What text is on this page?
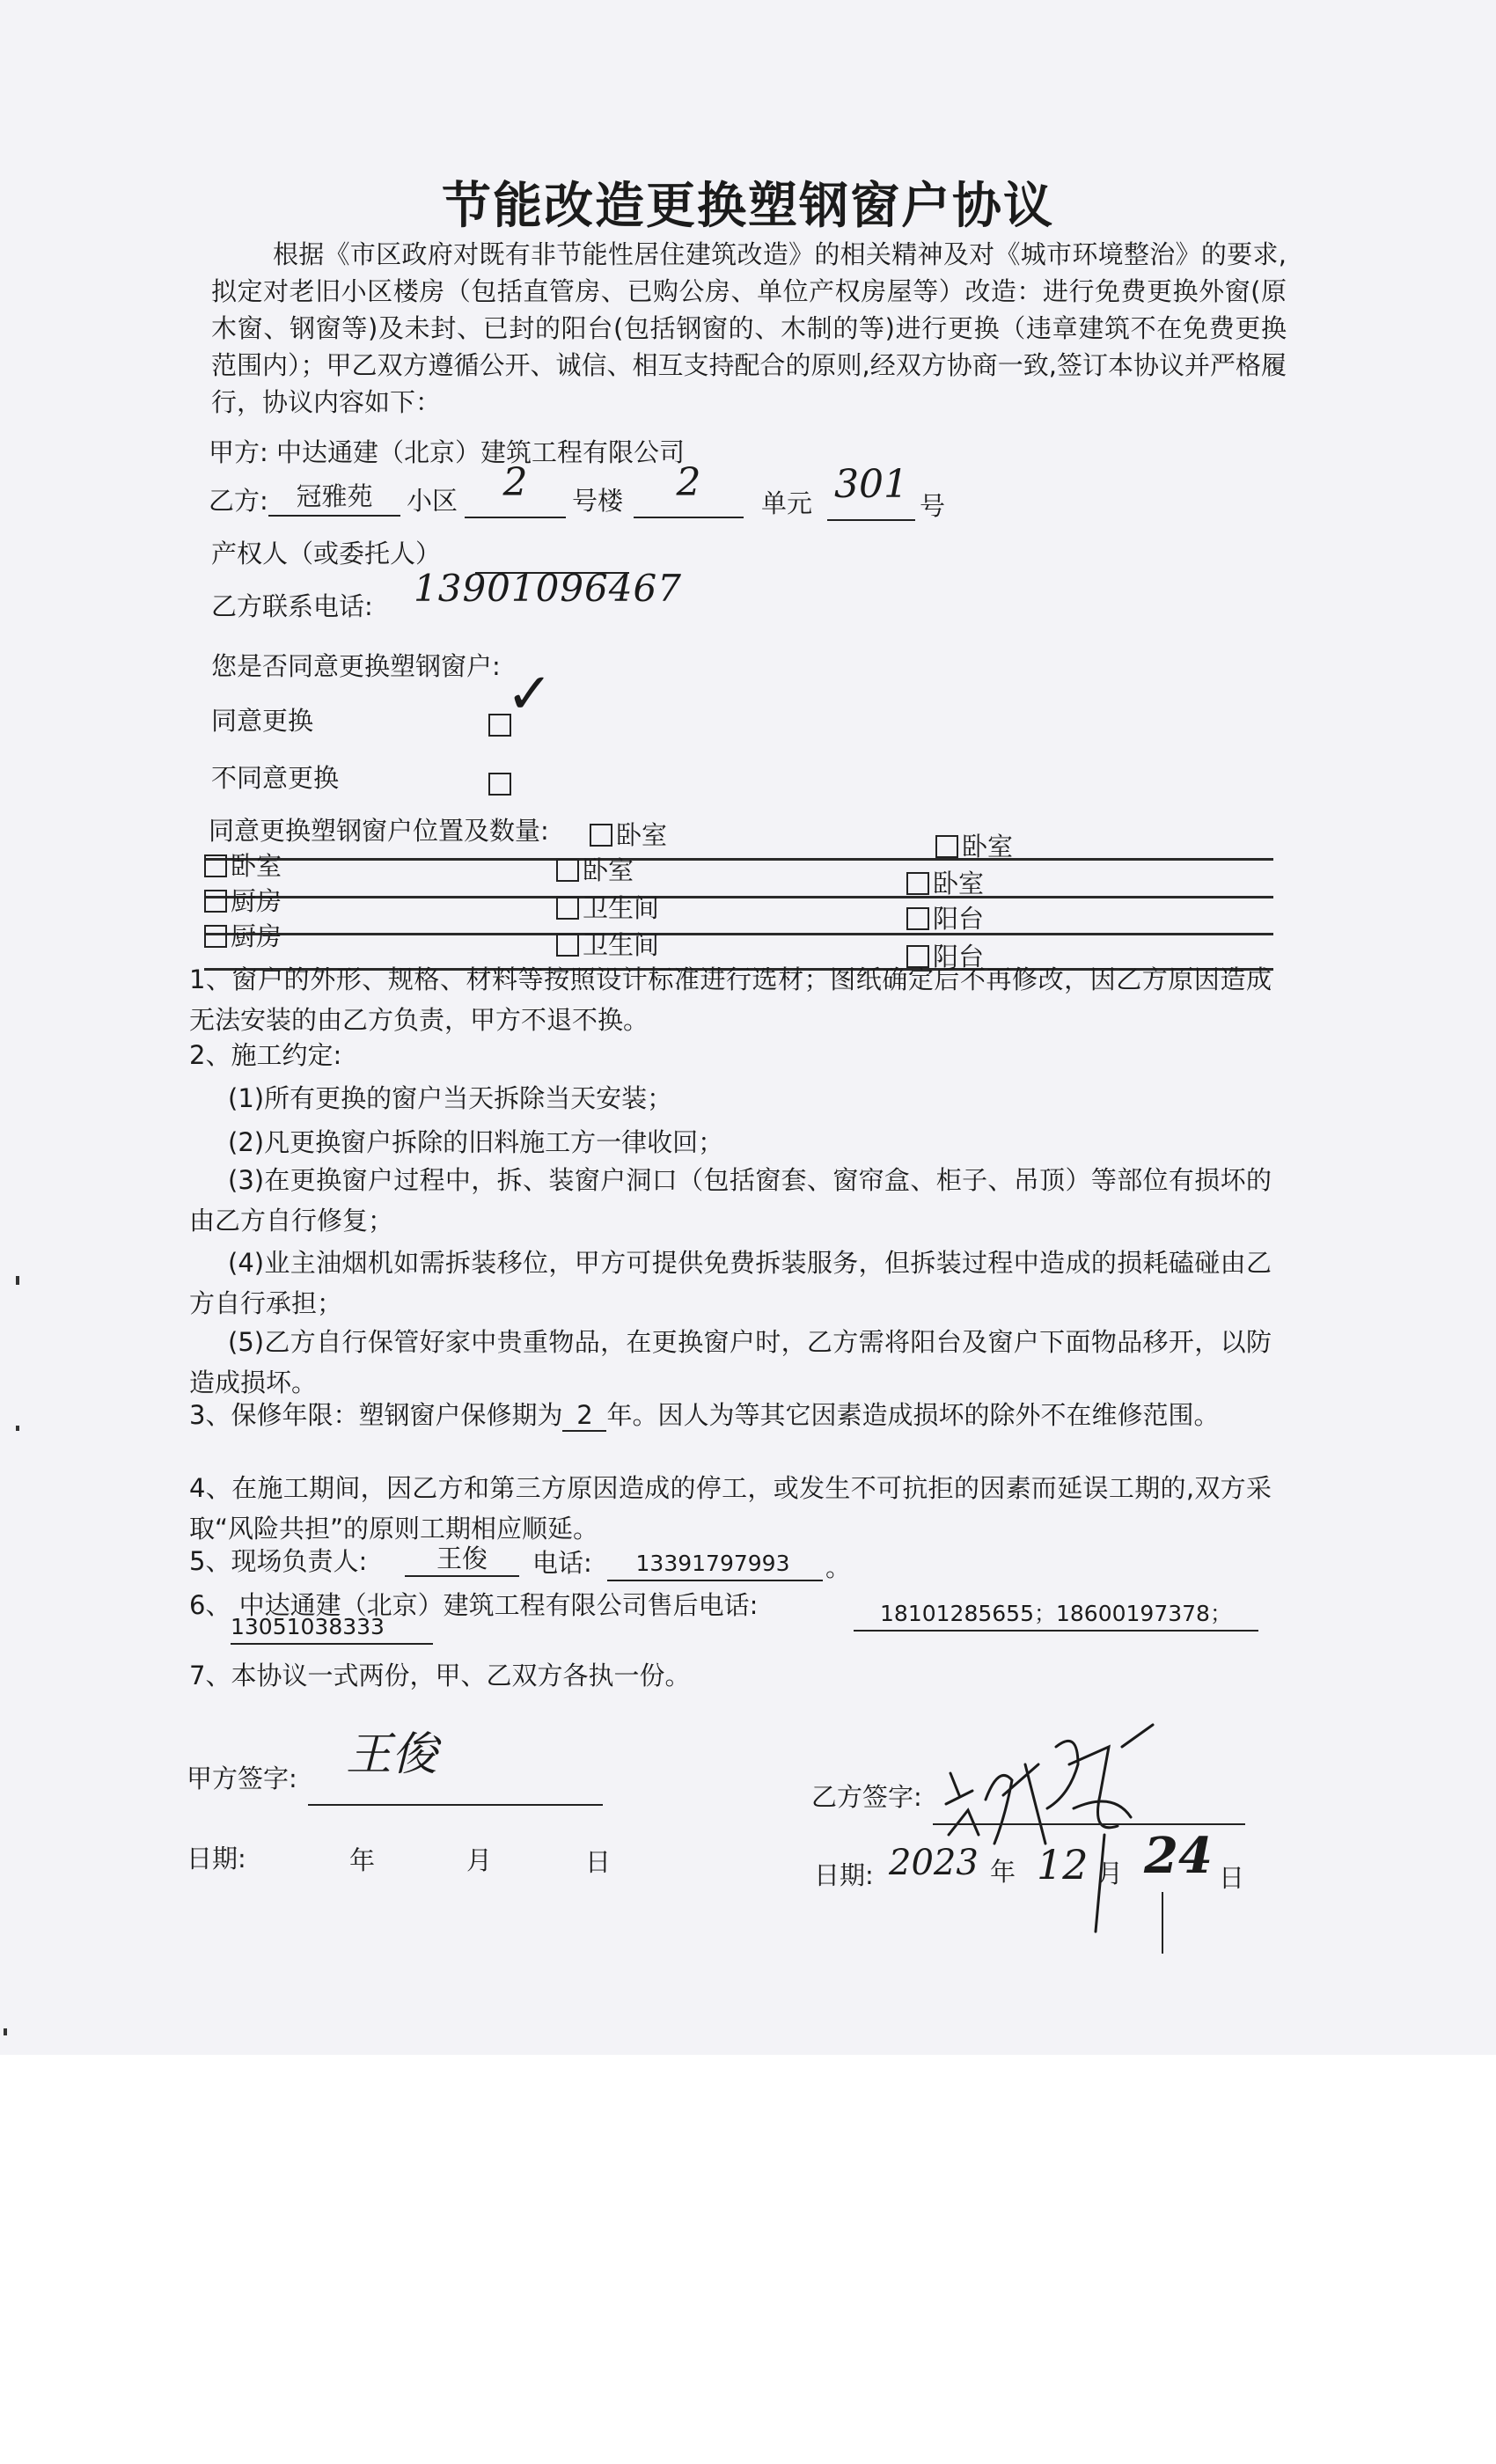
节能改造更换塑钢窗户协议
根据《市区政府对既有非节能性居住建筑改造》的相关精神及对《城市环境整治》的要求,拟定对老旧小区楼房（包括直管房、已购公房、单位产权房屋等）改造：进行免费更换外窗(原木窗、钢窗等)及未封、已封的阳台(包括钢窗的、木制的等)进行更换（违章建筑不在免费更换范围内）；甲乙双方遵循公开、诚信、相互支持配合的原则,经双方协商一致,签订本协议并严格履行，协议内容如下：
甲方: 中达通建（北京）建筑工程有限公司
乙方:	冠雅苑	小区	2	号楼	2	单元 301 号
产权人（或委托人）
乙方联系电话: 13901096467
您是否同意更换塑钢窗户:
同意更换	✓
不同意更换
同意更换塑钢窗户位置及数量:	卧室	卧室
卧室	卧室	卧室
厨房	卫生间	阳台
厨房	卫生间	阳台
1、窗户的外形、规格、材料等按照设计标准进行选材；图纸确定后不再修改，因乙方原因造成无法安装的由乙方负责，甲方不退不换。
2、施工约定:
(1)所有更换的窗户当天拆除当天安装；
(2)凡更换窗户拆除的旧料施工方一律收回；
(3)在更换窗户过程中，拆、装窗户洞口（包括窗套、窗帘盒、柜子、吊顶）等部位有损坏的由乙方自行修复；
(4)业主油烟机如需拆装移位，甲方可提供免费拆装服务，但拆装过程中造成的损耗磕碰由乙方自行承担；
(5)乙方自行保管好家中贵重物品，在更换窗户时，乙方需将阳台及窗户下面物品移开，以防造成损坏。
3、保修年限：塑钢窗户保修期为 2 年。因人为等其它因素造成损坏的除外不在维修范围。
4、在施工期间，因乙方和第三方原因造成的停工，或发生不可抗拒的因素而延误工期的,双方采取“风险共担”的原则工期相应顺延。
5、现场负责人:	王俊	电话:	13391797993	。
6、 中达通建（北京）建筑工程有限公司售后电话:	18101285655；18600197378；
13051038333
7、本协议一式两份，甲、乙双方各执一份。
甲方签字:	王俊
乙方签字:
日期:	年	月	日	日期: 2023 年 12 月 24 日
